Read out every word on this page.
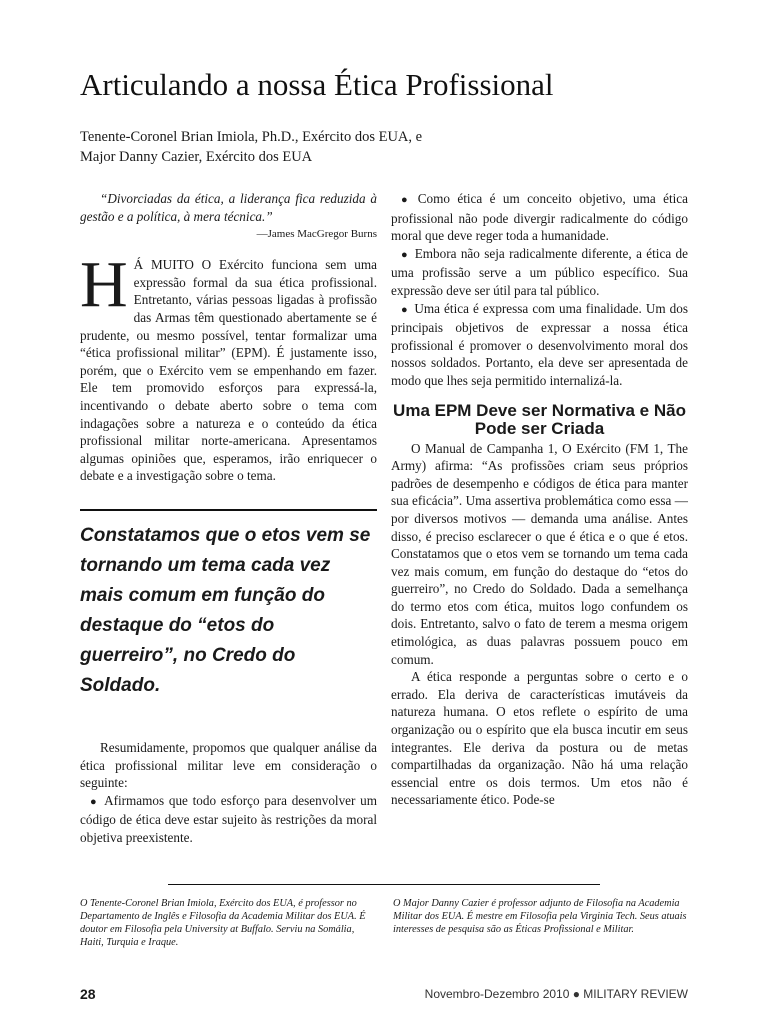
Articulando a nossa Ética Profissional
Tenente-Coronel Brian Imiola, Ph.D., Exército dos EUA, e
Major Danny Cazier, Exército dos EUA

“Divorciadas da ética, a liderança fica reduzida à gestão e a política, à mera técnica.”

—James MacGregor Burns

H Á MUITO O Exército funciona sem uma expressão formal da sua ética profissional. Entretanto, várias pessoas ligadas à profissão das Armas têm questionado abertamente se é prudente, ou mesmo possível, tentar formalizar uma “ética profissional militar” (EPM). É justamente isso, porém, que o Exército vem se empenhando em fazer. Ele tem promovido esforços para expressá-la, incentivando o debate aberto sobre o tema com indagações sobre a natureza e o conteúdo da ética profissional militar norte-americana. Apresentamos algumas opiniões que, esperamos, irão enriquecer o debate e a investigação sobre o tema.

Constatamos que o etos vem se tornando um tema cada vez mais comum em função do destaque do “etos do guerreiro”, no Credo do Soldado.

Resumidamente, propomos que qualquer análise da ética profissional militar leve em consideração o seguinte:

● Afirmamos que todo esforço para desenvolver um código de ética deve estar sujeito às restrições da moral objetiva preexistente.

● Como ética é um conceito objetivo, uma ética profissional não pode divergir radicalmente do código moral que deve reger toda a humanidade.

● Embora não seja radicalmente diferente, a ética de uma profissão serve a um público específico. Sua expressão deve ser útil para tal público.

● Uma ética é expressa com uma finalidade. Um dos principais objetivos de expressar a nossa ética profissional é promover o desenvolvimento moral dos nossos soldados. Portanto, ela deve ser apresentada de modo que lhes seja permitido internalizá-la.

Uma EPM Deve ser Normativa e Não Pode ser Criada

O Manual de Campanha 1, O Exército (FM 1, The Army) afirma: “As profissões criam seus próprios padrões de desempenho e códigos de ética para manter sua eficácia”. Uma assertiva problemática como essa — por diversos motivos — demanda uma análise. Antes disso, é preciso esclarecer o que é ética e o que é etos. Constatamos que o etos vem se tornando um tema cada vez mais comum, em função do destaque do “etos do guerreiro”, no Credo do Soldado. Dada a semelhança do termo etos com ética, muitos logo confundem os dois. Entretanto, salvo o fato de terem a mesma origem etimológica, as duas palavras possuem pouco em comum.

A ética responde a perguntas sobre o certo e o errado. Ela deriva de características imutáveis da natureza humana. O etos reflete o espírito de uma organização ou o espírito que ela busca incutir em seus integrantes. Ele deriva da postura ou de metas compartilhadas da organização. Não há uma relação essencial entre os dois termos. Um etos não é necessariamente ético. Pode-se

O Tenente-Coronel Brian Imiola, Exército dos EUA, é professor no Departamento de Inglês e Filosofia da Academia Militar dos EUA. É doutor em Filosofia pela University at Buffalo. Serviu na Somália, Haiti, Turquia e Iraque.
O Major Danny Cazier é professor adjunto de Filosofia na Academia Militar dos EUA. É mestre em Filosofia pela Virginia Tech. Seus atuais interesses de pesquisa são as Éticas Profissional e Militar.
28	Novembro-Dezembro 2010 ● MILITARY REVIEW
